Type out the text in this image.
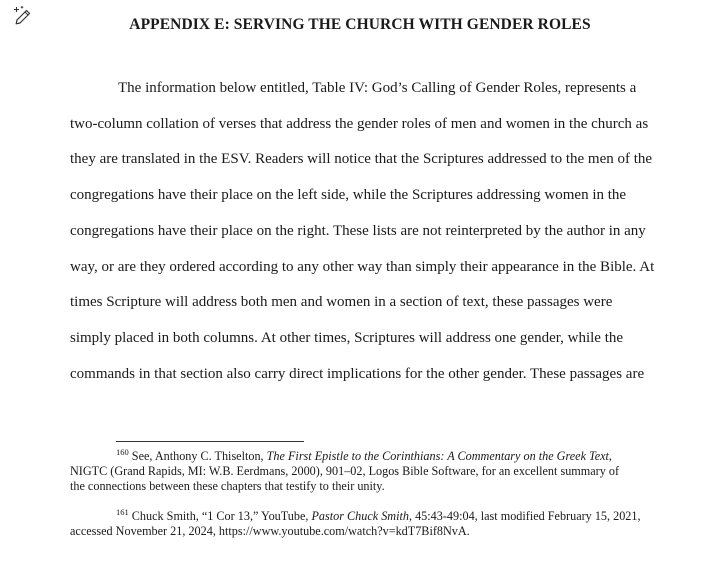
APPENDIX E: SERVING THE CHURCH WITH GENDER ROLES
The information below entitled, Table IV: God’s Calling of Gender Roles, represents a
two-column collation of verses that address the gender roles of men and women in the church as
they are translated in the ESV. Readers will notice that the Scriptures addressed to the men of the
congregations have their place on the left side, while the Scriptures addressing women in the
congregations have their place on the right. These lists are not reinterpreted by the author in any
way, or are they ordered according to any other way than simply their appearance in the Bible. At
times Scripture will address both men and women in a section of text, these passages were
simply placed in both columns. At other times, Scriptures will address one gender, while the
commands in that section also carry direct implications for the other gender. These passages are
$^{160}$ See, Anthony C. Thiselton, The First Epistle to the Corinthians: A Commentary on the Greek Text,
NIGTC (Grand Rapids, MI: W.B. Eerdmans, 2000), 901–02, Logos Bible Software, for an excellent summary of
the connections between these chapters that testify to their unity.
$^{161}$ Chuck Smith, “1 Cor 13,” YouTube, Pastor Chuck Smith, 45:43-49:04, last modified February 15, 2021,
accessed November 21, 2024, https://www.youtube.com/watch?v=kdT7Bif8NvA.
